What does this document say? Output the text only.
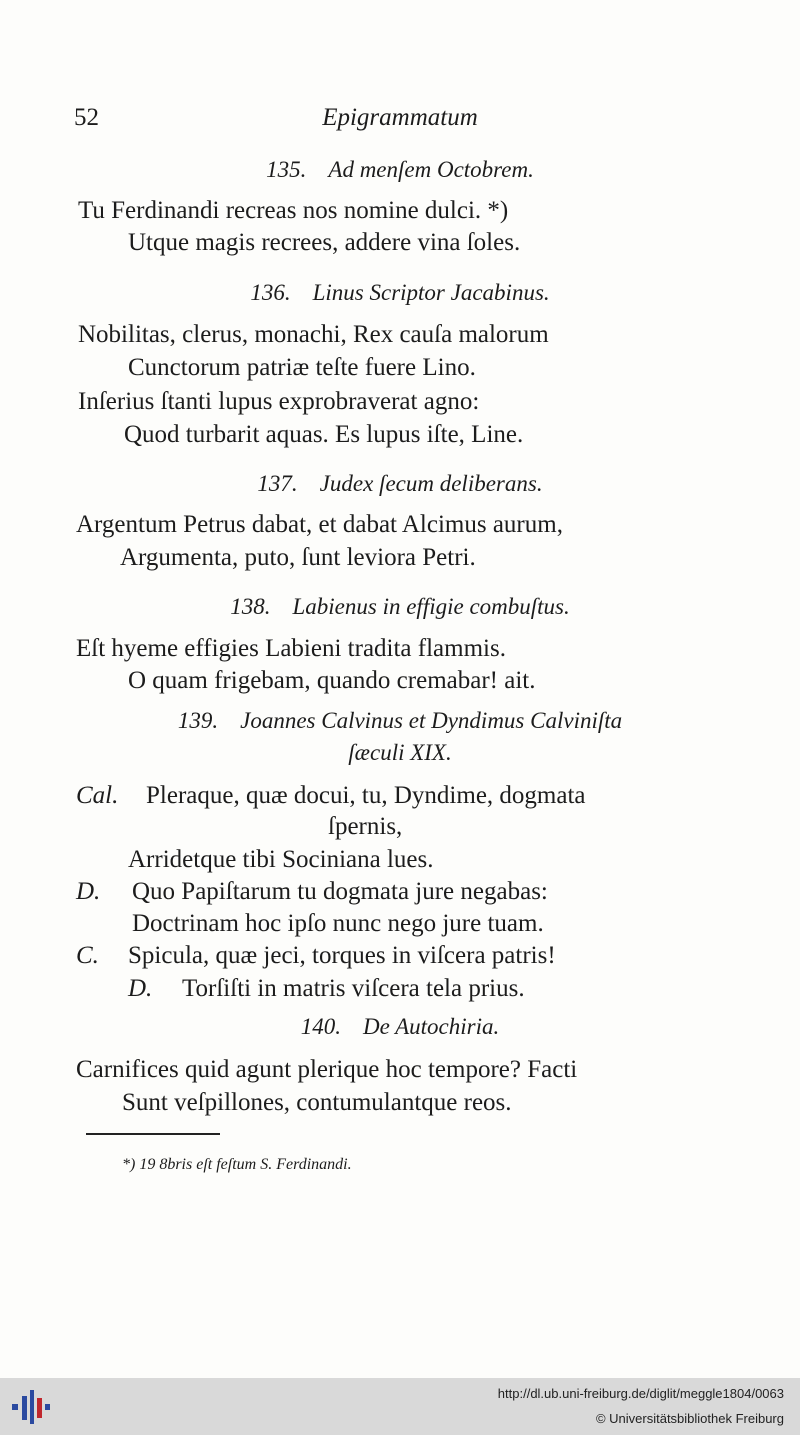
52	Epigrammatum
135. Ad menſem Octobrem.
Tu Ferdinandi recreas nos nomine dulci. *)
Utque magis recrees, addere vina ſoles.
136. Linus Scriptor Jacabinus.
Nobilitas, clerus, monachi, Rex cauſa malorum
Cunctorum patriæ teſte fuere Lino.
Inſerius ſtanti lupus exprobraverat agno:
Quod turbarit aquas. Es lupus iſte, Line.
137. Judex ſecum deliberans.
Argentum Petrus dabat, et dabat Alcimus aurum,
Argumenta, puto, ſunt leviora Petri.
138. Labienus in effigie combuſtus.
Eſt hyeme effigies Labieni tradita flammis.
O quam frigebam, quando cremabar! ait.
139. Joannes Calvinus et Dyndimus Calviniſta
ſæculi XIX.
Cal. Pleraque, quæ docui, tu, Dyndime, dogmata
ſpernis,
Arridetque tibi Sociniana lues.
D. Quo Papiſtarum tu dogmata jure negabas:
Doctrinam hoc ipſo nunc nego jure tuam.
C. Spicula, quæ jeci, torques in viſcera patris!
D. Torſiſti in matris viſcera tela prius.
140. De Autochiria.
Carnifices quid agunt plerique hoc tempore? Facti
Sunt veſpillones, contumulantque reos.
*) 19 8bris eſt feſtum S. Ferdinandi.
http://dl.ub.uni-freiburg.de/diglit/meggle1804/0063
© Universitätsbibliothek Freiburg
